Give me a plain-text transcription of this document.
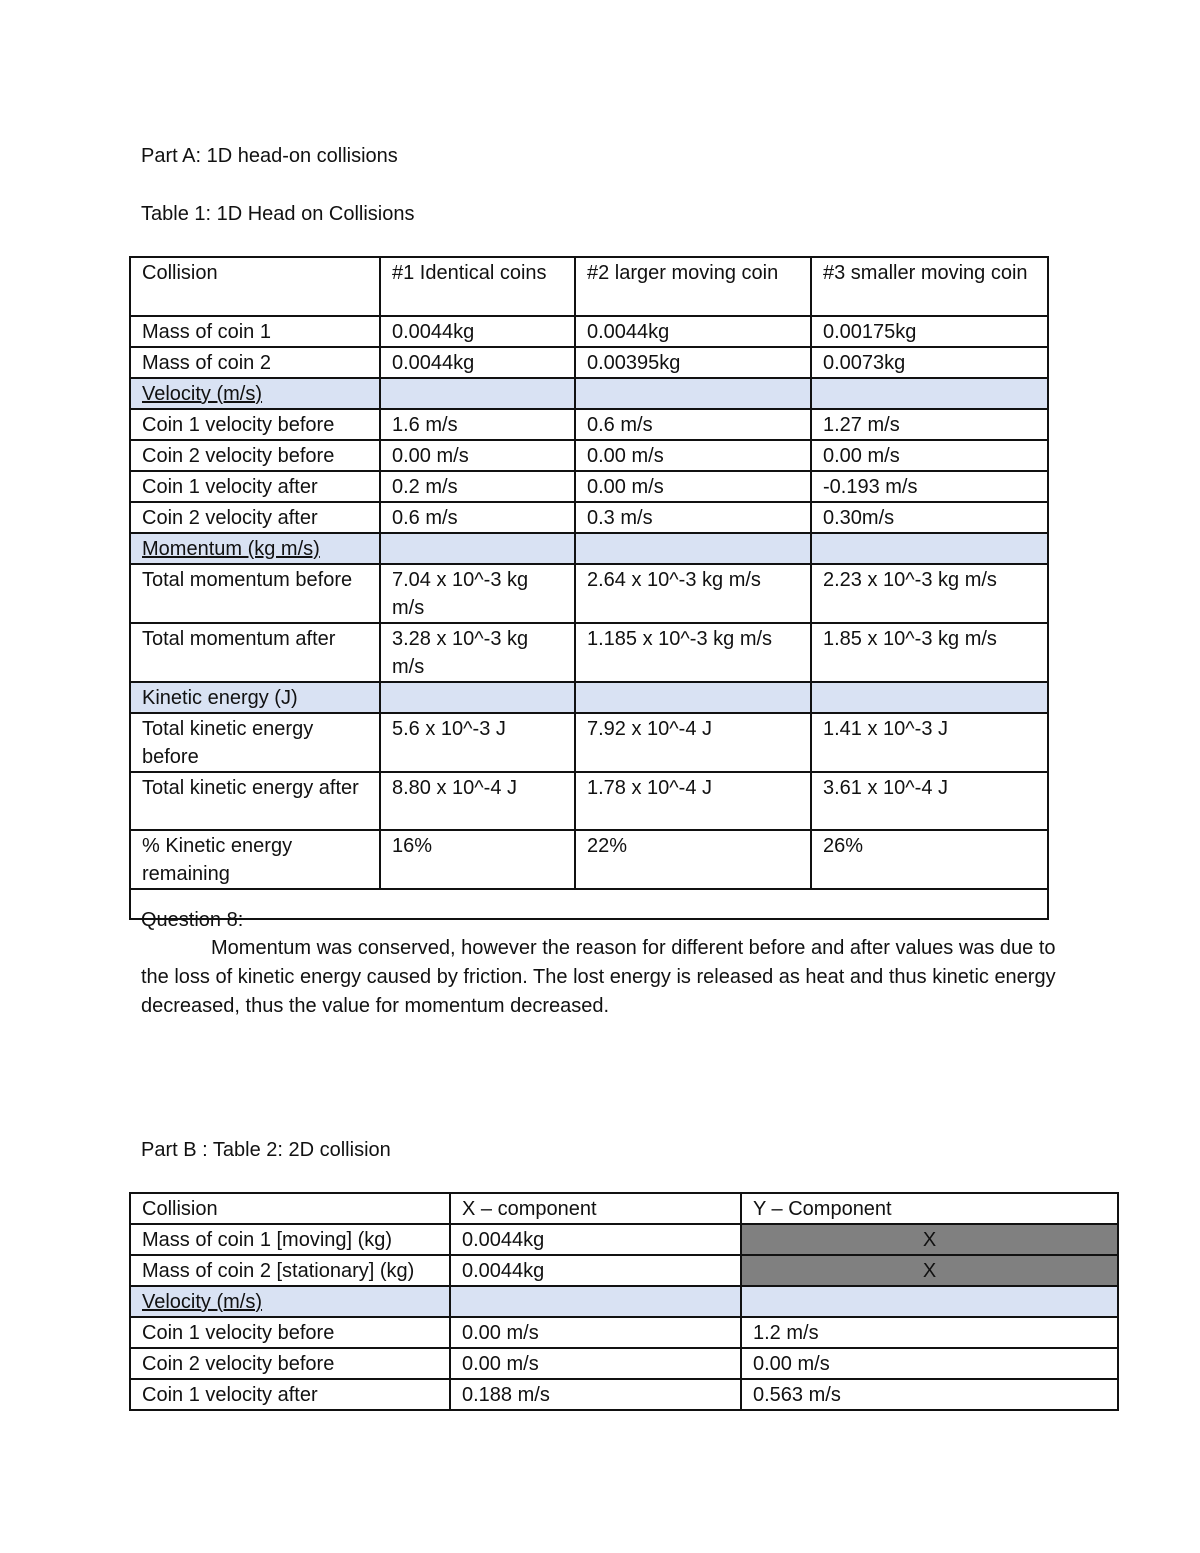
Part A: 1D head-on collisions
Table 1: 1D Head on Collisions
Collision	#1 Identical coins	#2 larger moving coin	#3 smaller moving coin
Mass of coin 1	0.0044kg	0.0044kg	0.00175kg
Mass of coin 2	0.0044kg	0.00395kg	0.0073kg
Velocity (m/s)			
Coin 1 velocity before	1.6 m/s	0.6 m/s	1.27 m/s
Coin 2 velocity before	0.00 m/s	0.00 m/s	0.00 m/s
Coin 1 velocity after	0.2 m/s	0.00 m/s	-0.193 m/s
Coin 2 velocity after	0.6 m/s	0.3 m/s	0.30m/s
Momentum (kg m/s)			
Total momentum before	7.04 x 10^-3 kg m/s	2.64 x 10^-3 kg m/s	2.23 x 10^-3 kg m/s
Total momentum after	3.28 x 10^-3 kg m/s	1.185 x 10^-3 kg m/s	1.85 x 10^-3 kg m/s
Kinetic energy (J)			
Total kinetic energy before	5.6 x 10^-3 J	7.92 x 10^-4 J	1.41 x 10^-3 J
Total kinetic energy after	8.80 x 10^-4 J	1.78 x 10^-4 J	3.61 x 10^-4 J
% Kinetic energy remaining	16%	22%	26%

Question 8:
Momentum was conserved, however the reason for different before and after values was due to the loss of kinetic energy caused by friction. The lost energy is released as heat and thus kinetic energy decreased, thus the value for momentum decreased.
Part B : Table 2: 2D collision
Collision	X – component	Y – Component
Mass of coin 1 [moving] (kg)	0.0044kg	X
Mass of coin 2 [stationary] (kg)	0.0044kg	X
Velocity (m/s)		
Coin 1 velocity before	0.00 m/s	1.2 m/s
Coin 2 velocity before	0.00 m/s	0.00 m/s
Coin 1 velocity after	0.188 m/s	0.563 m/s
